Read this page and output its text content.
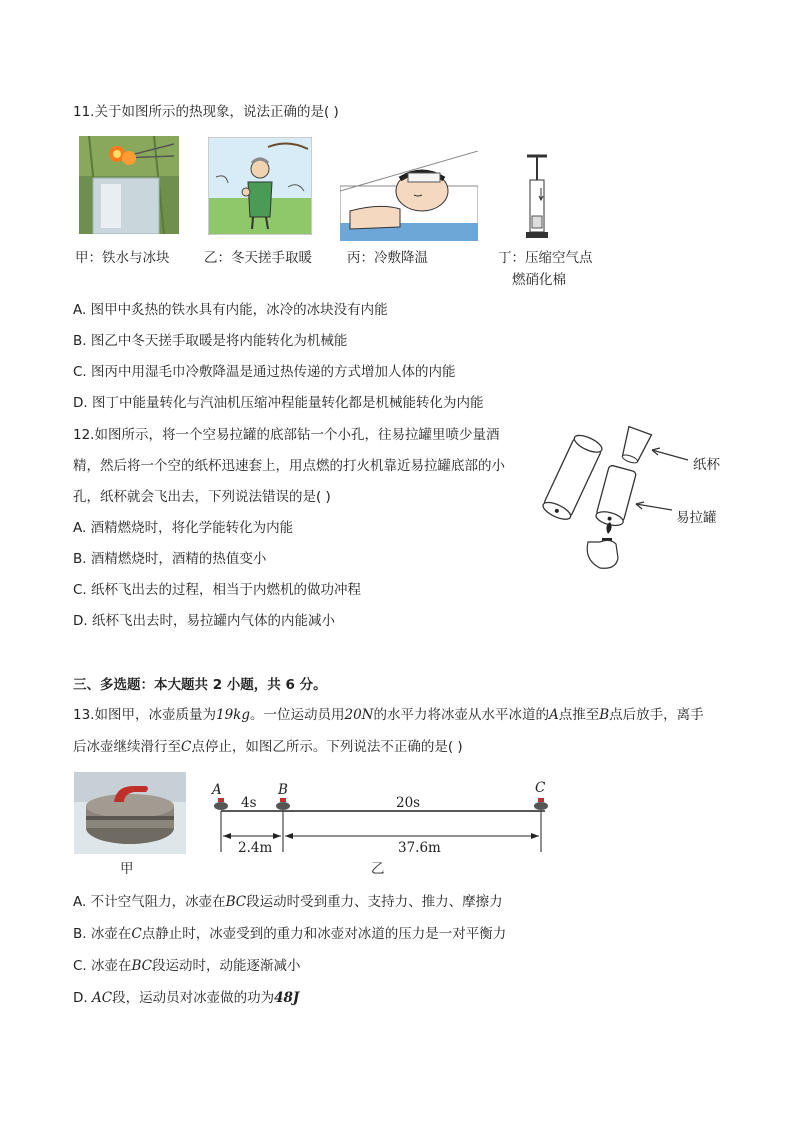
11.关于如图所示的热现象，说法正确的是( )
甲：铁水与冰块	乙：冬天搓手取暖	丙：冷敷降温	丁：压缩空气点
燃硝化棉
A. 图甲中炙热的铁水具有内能，冰冷的冰块没有内能
B. 图乙中冬天搓手取暖是将内能转化为机械能
C. 图丙中用湿毛巾冷敷降温是通过热传递的方式增加人体的内能
D. 图丁中能量转化与汽油机压缩冲程能量转化都是机械能转化为内能
12.如图所示，将一个空易拉罐的底部钻一个小孔，往易拉罐里喷少量酒
精，然后将一个空的纸杯迅速套上，用点燃的打火机靠近易拉罐底部的小
孔，纸杯就会飞出去，下列说法错误的是( )
A. 酒精燃烧时，将化学能转化为内能
B. 酒精燃烧时，酒精的热值变小
C. 纸杯飞出去的过程，相当于内燃机的做功冲程
D. 纸杯飞出去时，易拉罐内气体的内能减小
纸杯
易拉罐
三、多选题：本大题共 2 小题，共 6 分。
13.如图甲，冰壶质量为19kg。一位运动员用20N的水平力将冰壶从水平冰道的A点推至B点后放手，离手
后冰壶继续滑行至C点停止，如图乙所示。下列说法不正确的是( )
甲
A	B	C
4s	20s
2.4m	37.6m
乙
A. 不计空气阻力，冰壶在BC段运动时受到重力、支持力、推力、摩擦力
B. 冰壶在C点静止时，冰壶受到的重力和冰壶对冰道的压力是一对平衡力
C. 冰壶在BC段运动时，动能逐渐减小
D. AC段，运动员对冰壶做的功为48J
